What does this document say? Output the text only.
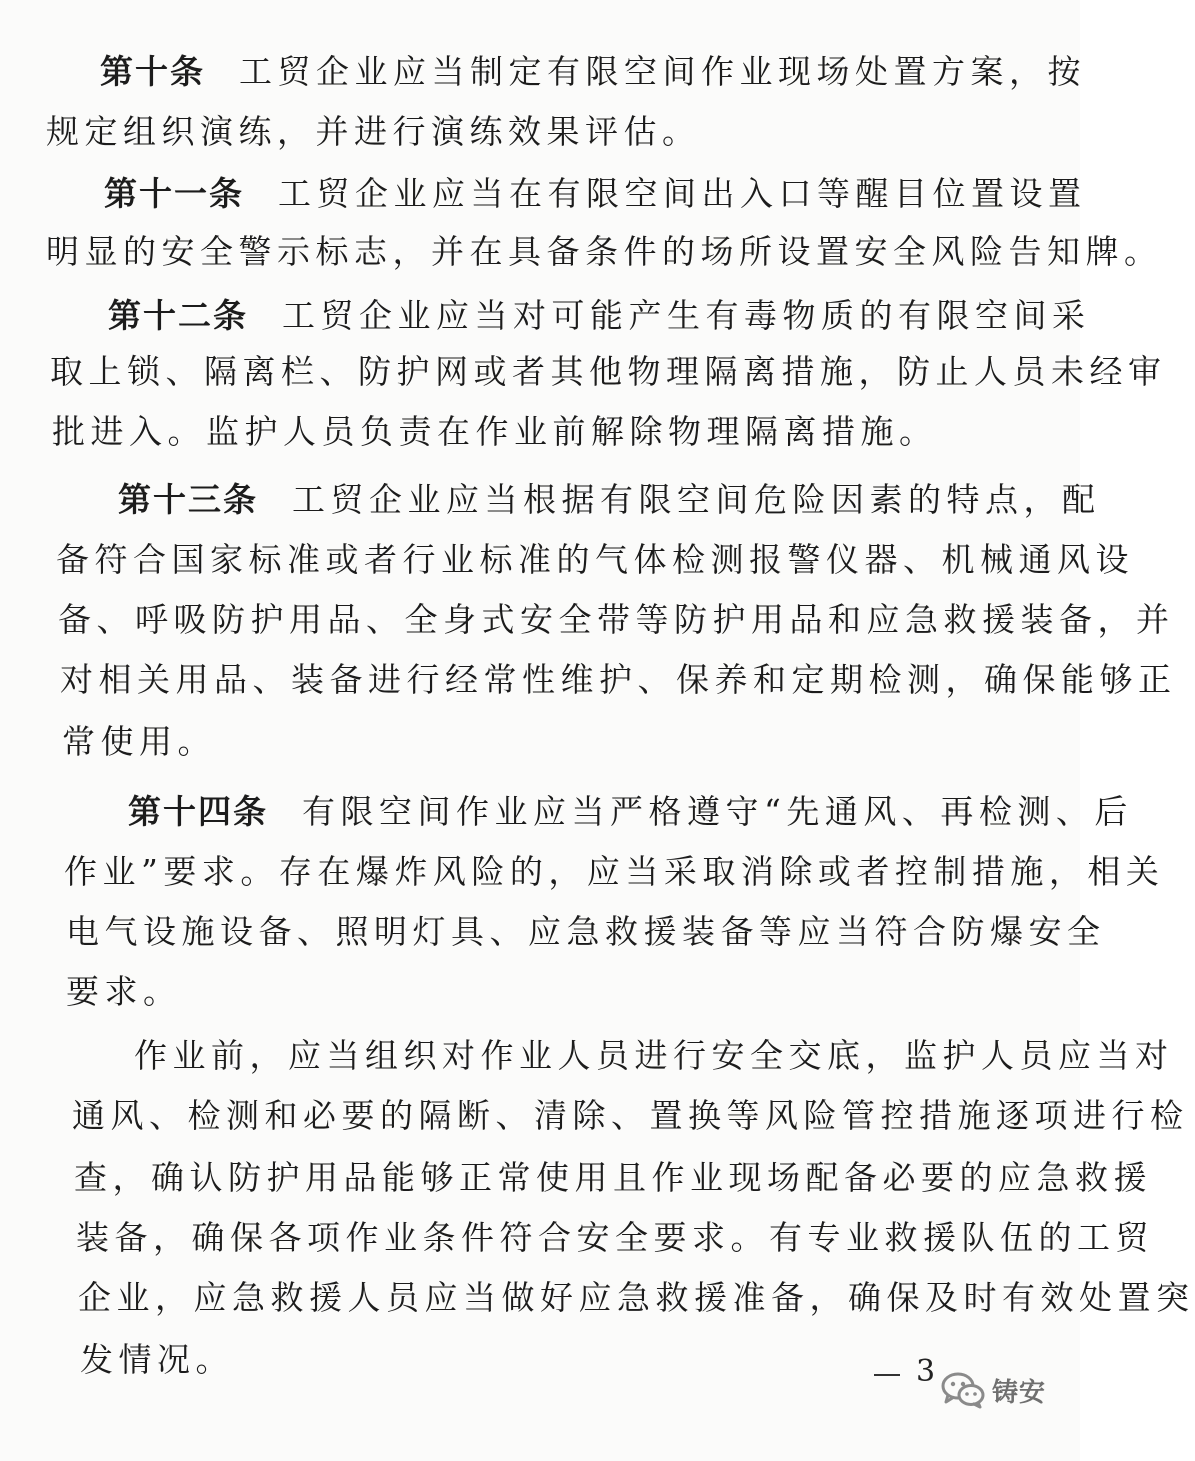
第十条 工贸企业应当制定有限空间作业现场处置方案，按
规定组织演练，并进行演练效果评估。
第十一条 工贸企业应当在有限空间出入口等醒目位置设置
明显的安全警示标志，并在具备条件的场所设置安全风险告知牌。
第十二条 工贸企业应当对可能产生有毒物质的有限空间采
取上锁、隔离栏、防护网或者其他物理隔离措施，防止人员未经审
批进入。监护人员负责在作业前解除物理隔离措施。
第十三条 工贸企业应当根据有限空间危险因素的特点，配
备符合国家标准或者行业标准的气体检测报警仪器、机械通风设
备、呼吸防护用品、全身式安全带等防护用品和应急救援装备，并
对相关用品、装备进行经常性维护、保养和定期检测，确保能够正
常使用。
第十四条 有限空间作业应当严格遵守“先通风、再检测、后
作业”要求。存在爆炸风险的，应当采取消除或者控制措施，相关
电气设施设备、照明灯具、应急救援装备等应当符合防爆安全
要求。
作业前，应当组织对作业人员进行安全交底，监护人员应当对
通风、检测和必要的隔断、清除、置换等风险管控措施逐项进行检
查，确认防护用品能够正常使用且作业现场配备必要的应急救援
装备，确保各项作业条件符合安全要求。有专业救援队伍的工贸
企业，应急救援人员应当做好应急救援准备，确保及时有效处置突
发情况。	3
铸安
